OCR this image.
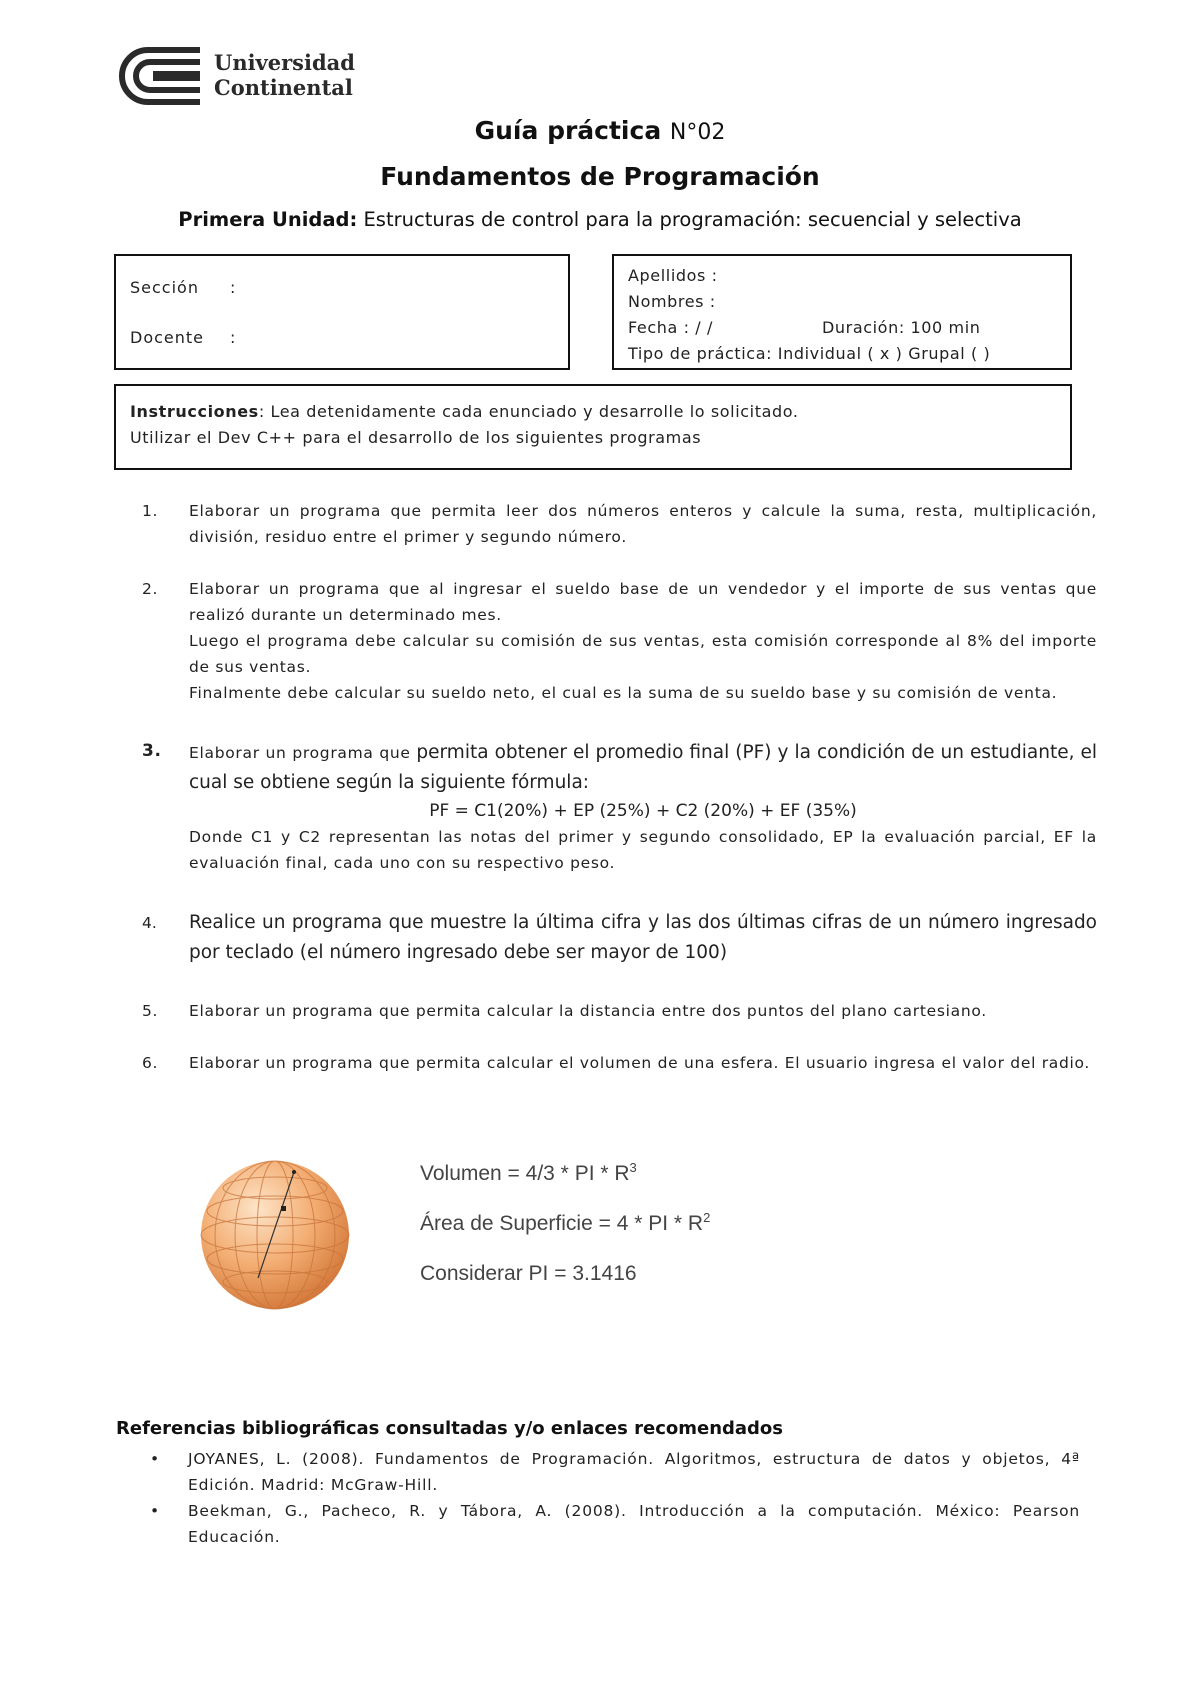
Universidad
Continental
Guía práctica N°02
Fundamentos de Programación
Primera Unidad: Estructuras de control para la programación: secuencial y selectiva
Sección :
Docente :
Apellidos :
Nombres :
Fecha : / /	Duración: 100 min
Tipo de práctica: Individual ( x ) Grupal ( )
Instrucciones: Lea detenidamente cada enunciado y desarrolle lo solicitado.
Utilizar el Dev C++ para el desarrollo de los siguientes programas
1.	Elaborar un programa que permita leer dos números enteros y calcule la suma, resta, multiplicación, división, residuo entre el primer y segundo número.
2.	Elaborar un programa que al ingresar el sueldo base de un vendedor y el importe de sus ventas que realizó durante un determinado mes.

Luego el programa debe calcular su comisión de sus ventas, esta comisión corresponde al 8% del importe de sus ventas.

Finalmente debe calcular su sueldo neto, el cual es la suma de su sueldo base y su comisión de venta.

3.	Elaborar un programa que permita obtener el promedio final (PF) y la condición de un estudiante, el cual se obtiene según la siguiente fórmula:

PF = C1(20%) + EP (25%) + C2 (20%) + EF (35%)

Donde C1 y C2 representan las notas del primer y segundo consolidado, EP la evaluación parcial, EF la evaluación final, cada uno con su respectivo peso.

4.	Realice un programa que muestre la última cifra y las dos últimas cifras de un número ingresado por teclado (el número ingresado debe ser mayor de 100)
5.	Elaborar un programa que permita calcular la distancia entre dos puntos del plano cartesiano.
6.	Elaborar un programa que permita calcular el volumen de una esfera. El usuario ingresa el valor del radio.
Volumen = 4/3 * PI * $R^3$
Área de Superficie = 4 * PI * $R^2$
Considerar PI = 3.1416
Referencias bibliográficas consultadas y/o enlaces recomendados
• JOYANES, L. (2008). Fundamentos de Programación. Algoritmos, estructura de datos y objetos, 4ª Edición. Madrid: McGraw-Hill.
• Beekman, G., Pacheco, R. y Tábora, A. (2008). Introducción a la computación. México: Pearson Educación.
